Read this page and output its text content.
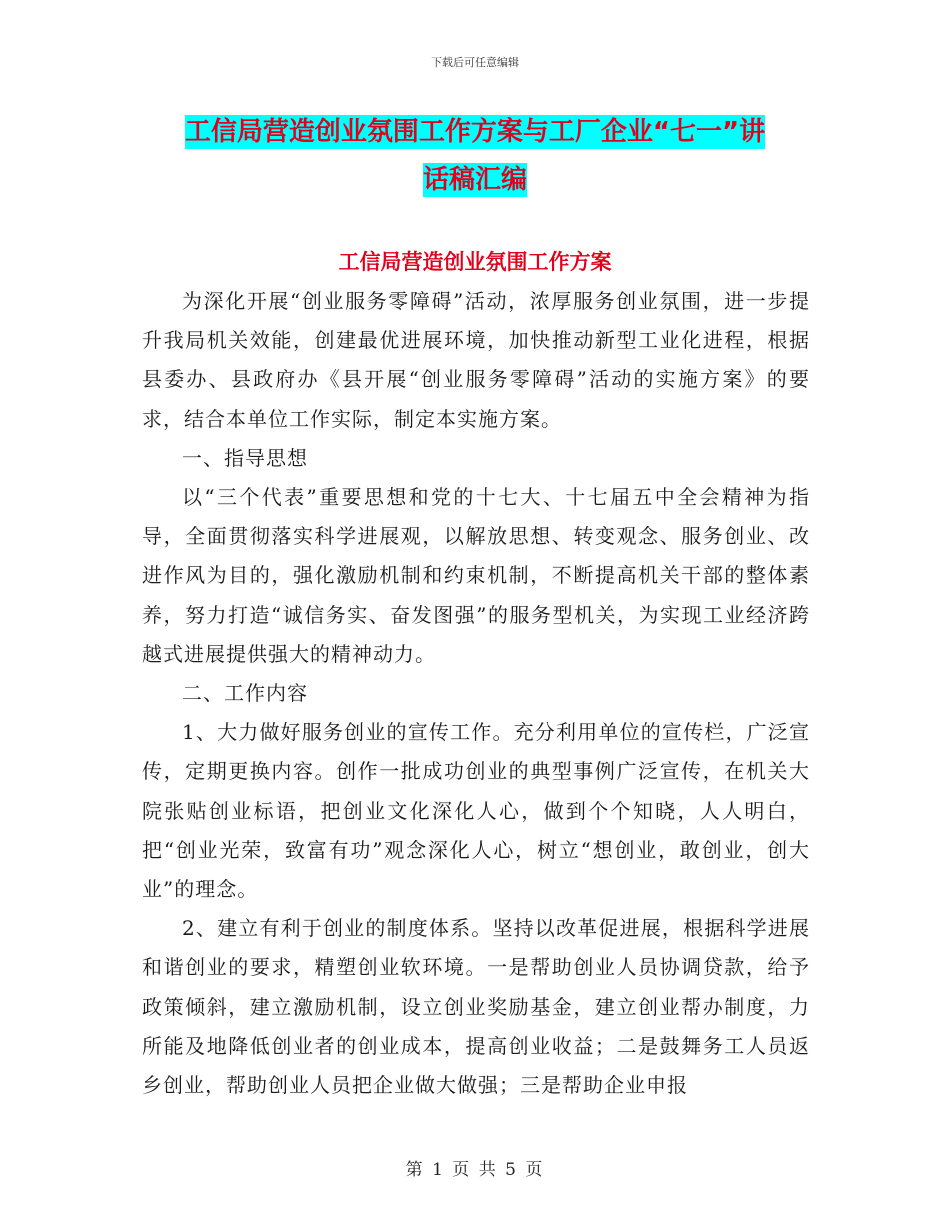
下载后可任意编辑
工信局营造创业氛围工作方案与工厂企业“七一”讲
话稿汇编
工信局营造创业氛围工作方案

为深化开展“创业服务零障碍”活动，浓厚服务创业氛围，进一步提升我局机关效能，创建最优进展环境，加快推动新型工业化进程，根据县委办、县政府办《县开展“创业服务零障碍”活动的实施方案》的要求，结合本单位工作实际，制定本实施方案。

一、指导思想

以“三个代表”重要思想和党的十七大、十七届五中全会精神为指导，全面贯彻落实科学进展观，以解放思想、转变观念、服务创业、改进作风为目的，强化激励机制和约束机制，不断提高机关干部的整体素养，努力打造“诚信务实、奋发图强”的服务型机关，为实现工业经济跨越式进展提供强大的精神动力。

二、工作内容

1、大力做好服务创业的宣传工作。充分利用单位的宣传栏，广泛宣传，定期更换内容。创作一批成功创业的典型事例广泛宣传，在机关大院张贴创业标语，把创业文化深化人心，做到个个知晓，人人明白，把“创业光荣，致富有功”观念深化人心，树立“想创业，敢创业，创大业”的理念。

2、建立有利于创业的制度体系。坚持以改革促进展，根据科学进展和谐创业的要求，精塑创业软环境。一是帮助创业人员协调贷款，给予政策倾斜，建立激励机制，设立创业奖励基金，建立创业帮办制度，力所能及地降低创业者的创业成本，提高创业收益；二是鼓舞务工人员返乡创业，帮助创业人员把企业做大做强；三是帮助企业申报

第 1 页 共 5 页
